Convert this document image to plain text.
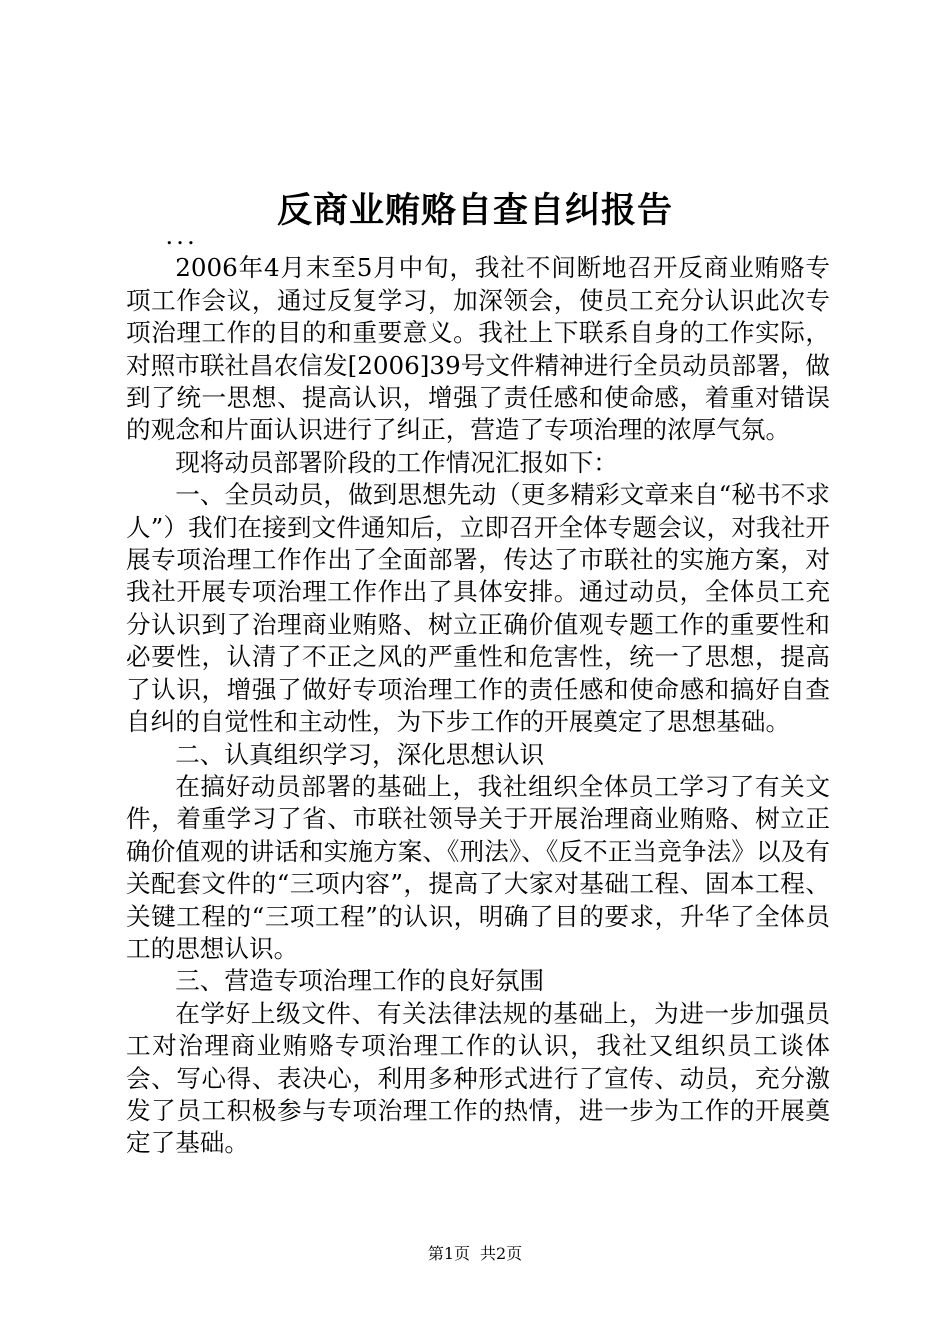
反商业贿赂自查自纠报告

...

2006年4月末至5月中旬，我社不间断地召开反商业贿赂专项工作会议，通过反复学习，加深领会，使员工充分认识此次专项治理工作的目的和重要意义。我社上下联系自身的工作实际，对照市联社昌农信发[2006]39号文件精神进行全员动员部署，做到了统一思想、提高认识，增强了责任感和使命感，着重对错误的观念和片面认识进行了纠正，营造了专项治理的浓厚气氛。

现将动员部署阶段的工作情况汇报如下：

一、全员动员，做到思想先动（更多精彩文章来自“秘书不求人”）我们在接到文件通知后，立即召开全体专题会议，对我社开展专项治理工作作出了全面部署，传达了市联社的实施方案，对我社开展专项治理工作作出了具体安排。通过动员，全体员工充分认识到了治理商业贿赂、树立正确价值观专题工作的重要性和必要性，认清了不正之风的严重性和危害性，统一了思想，提高了认识，增强了做好专项治理工作的责任感和使命感和搞好自查自纠的自觉性和主动性，为下步工作的开展奠定了思想基础。

二、认真组织学习，深化思想认识

在搞好动员部署的基础上，我社组织全体员工学习了有关文件，着重学习了省、市联社领导关于开展治理商业贿赂、树立正确价值观的讲话和实施方案、《刑法》、《反不正当竞争法》以及有关配套文件的“三项内容”，提高了大家对基础工程、固本工程、关键工程的“三项工程”的认识，明确了目的要求，升华了全体员工的思想认识。

三、营造专项治理工作的良好氛围

在学好上级文件、有关法律法规的基础上，为进一步加强员工对治理商业贿赂专项治理工作的认识，我社又组织员工谈体会、写心得、表决心，利用多种形式进行了宣传、动员，充分激发了员工积极参与专项治理工作的热情，进一步为工作的开展奠定了基础。

第1页 共2页
